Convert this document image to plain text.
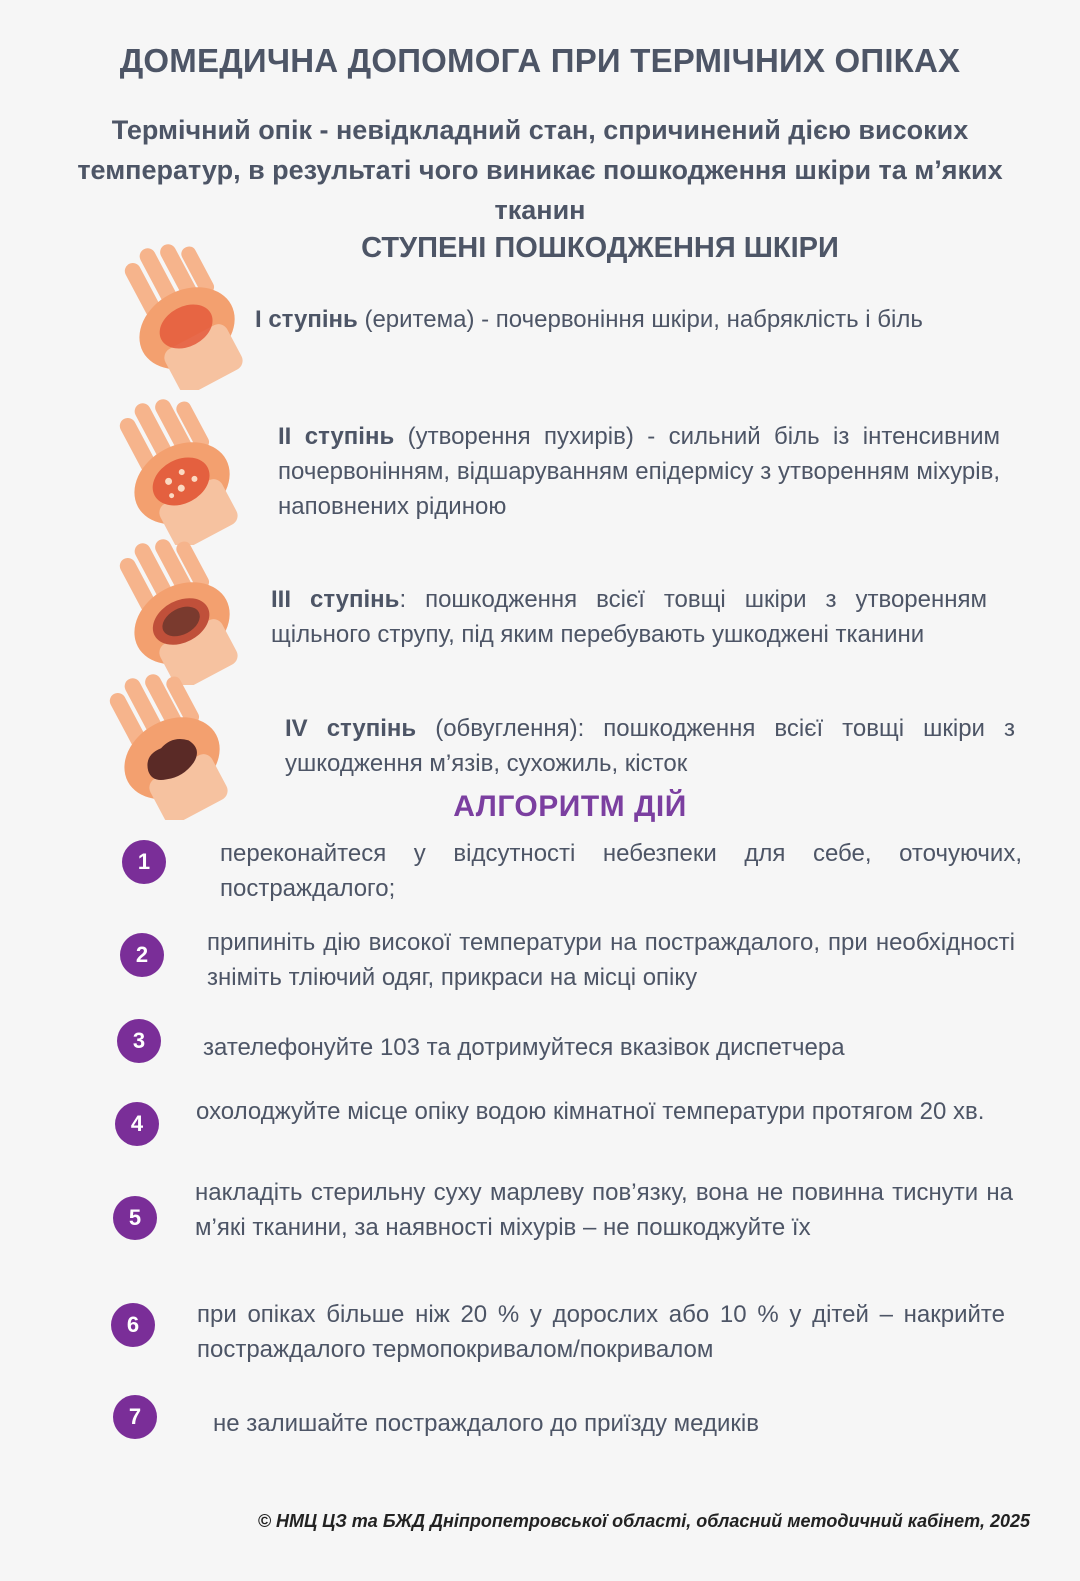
ДОМЕДИЧНА ДОПОМОГА ПРИ ТЕРМІЧНИХ ОПІКАХ
Термічний опік - невідкладний стан, спричинений дією високих
температур, в результаті чого виникає пошкодження шкіри та м’яких
тканин
СТУПЕНІ ПОШКОДЖЕННЯ ШКІРИ
I ступінь (еритема) - почервоніння шкіри, набряклість і біль
II ступінь (утворення пухирів) - сильний біль із інтенсивним почервонінням, відшаруванням епідермісу з утворенням міхурів, наповнених рідиною
III ступінь: пошкодження всієї товщі шкіри з утворенням щільного струпу, під яким перебувають ушкоджені тканини
IV ступінь (обвуглення): пошкодження всієї товщі шкіри з ушкодження м’язів, сухожиль, кісток
АЛГОРИТМ ДІЙ
1	переконайтеся у відсутності небезпеки для себе, оточуючих, постраждалого;
2	припиніть дію високої температури на постраждалого, при необхідності зніміть тліючий одяг, прикраси на місці опіку
3	зателефонуйте 103 та дотримуйтеся вказівок диспетчера
4	охолоджуйте місце опіку водою кімнатної температури протягом 20 хв.
5
накладіть стерильну суху марлеву пов’язку, вона не повинна тиснути на м’які тканини, за наявності міхурів – не пошкоджуйте їх
6	при опіках більше ніж 20 % у дорослих або 10 % у дітей – накрийте постраждалого термопокривалом/покривалом
7	не залишайте постраждалого до приїзду медиків
© НМЦ ЦЗ та БЖД Дніпропетровської області, обласний методичний кабінет, 2025
